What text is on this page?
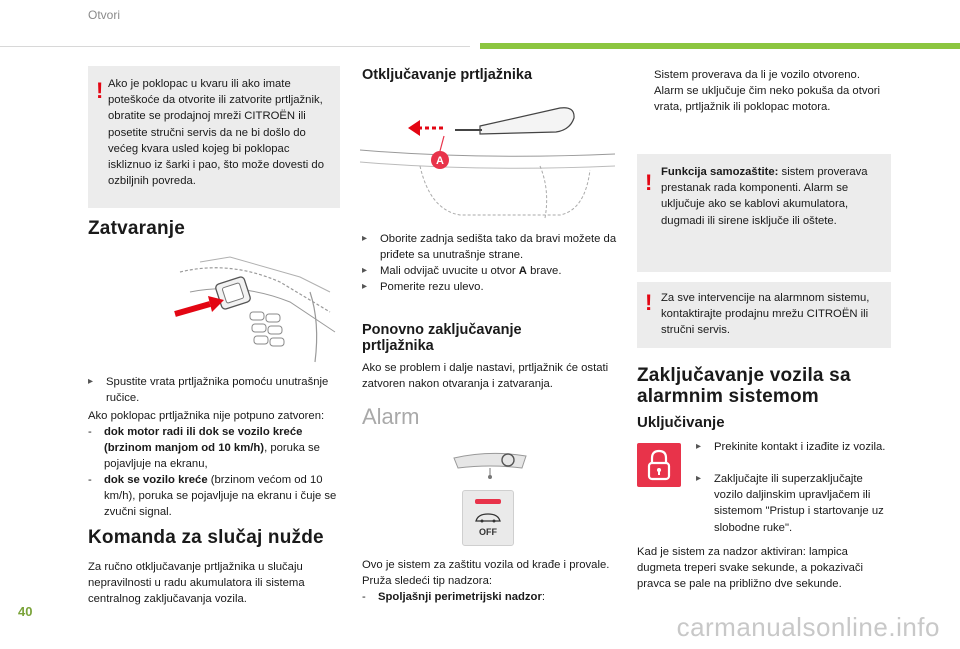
Otvori
! Ako je poklopac u kvaru ili ako imate poteškoće da otvorite ili zatvorite prtljažnik, obratite se prodajnoj mreži CITROËN ili posetite stručni servis da ne bi došlo do većeg kvara usled kojeg bi poklopac iskliznuo iz šarki i pao, što može dovesti do ozbiljnih povreda.

Zatvaranje
▸	Spustite vrata prtljažnika pomoću unutrašnje ručice.

Ako poklopac prtljažnika nije potpuno zatvoren:

-	dok motor radi ili dok se vozilo kreće (brzinom manjom od 10 km/h), poruka se pojavljuje na ekranu,
-	dok se vozilo kreće (brzinom većom od 10 km/h), poruka se pojavljuje na ekranu i čuje se zvučni signal.
Komanda za slučaj nužde

Za ručno otključavanje prtljažnika u slučaju nepravilnosti u radu akumulatora ili sistema centralnog zaključavanja vozila.

Otključavanje prtljažnika
A
▸	Oborite zadnja sedišta tako da bravi možete da priđete sa unutrašnje strane.
▸	Mali odvijač uvucite u otvor A brave.
▸	Pomerite rezu ulevo.
Ponovno zaključavanje prtljažnika

Ako se problem i dalje nastavi, prtljažnik će ostati zatvoren nakon otvaranja i zatvaranja.

Alarm
OFF

Ovo je sistem za zaštitu vozila od krađe i provale. Pruža sledeći tip nadzora:

-	Spoljašnji perimetrijski nadzor:

Sistem proverava da li je vozilo otvoreno. Alarm se uključuje čim neko pokuša da otvori vrata, prtljažnik ili poklopac motora.

! Funkcija samozaštite: sistem proverava prestanak rada komponenti. Alarm se uključuje ako se kablovi akumulatora, dugmadi ili sirene isključe ili oštete.

! Za sve intervencije na alarmnom sistemu, kontaktirajte prodajnu mrežu CITROËN ili stručni servis.

Zaključavanje vozila sa alarmnim sistemom
Uključivanje
▸	Prekinite kontakt i izađite iz vozila.
▸	Zaključajte ili superzaključajte vozilo daljinskim upravljačem ili sistemom "Pristup i startovanje uz slobodne ruke".

Kad je sistem za nadzor aktiviran: lampica dugmeta treperi svake sekunde, a pokazivači pravca se pale na približno dve sekunde.

40
carmanualsonline.info
